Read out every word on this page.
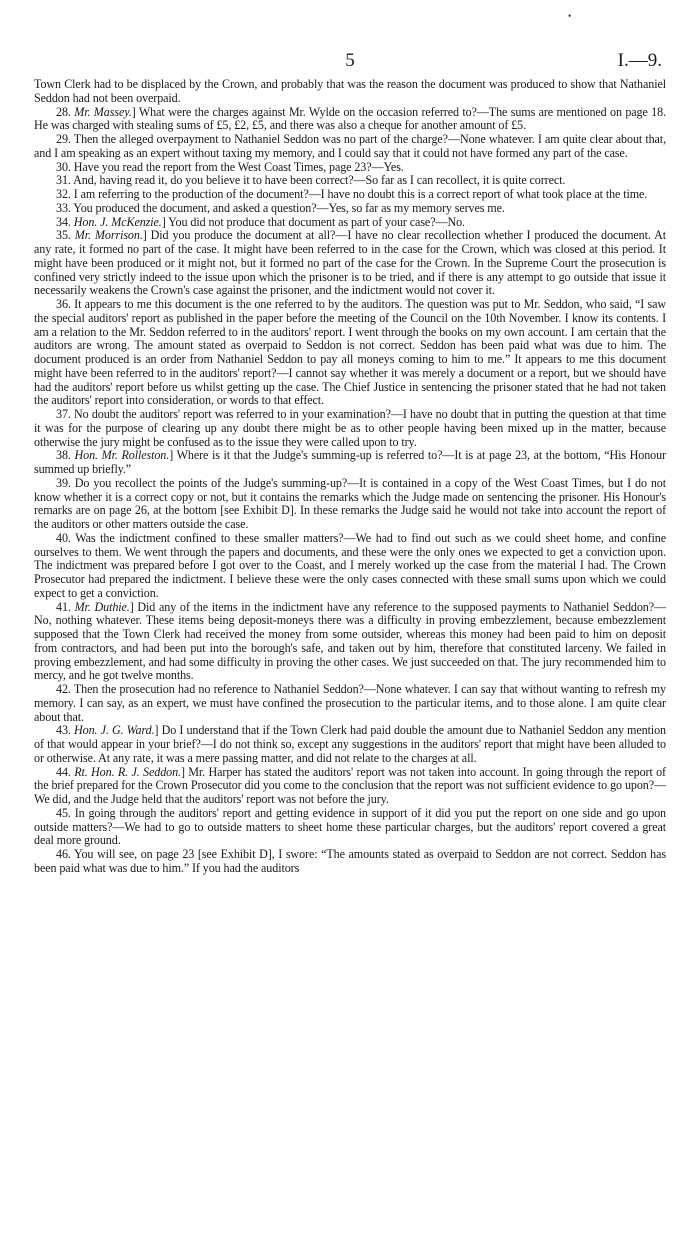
•
5	I.—9.

Town Clerk had to be displaced by the Crown, and probably that was the reason the document was produced to show that Nathaniel Seddon had not been overpaid.

28. Mr. Massey.] What were the charges against Mr. Wylde on the occasion referred to?—The sums are mentioned on page 18. He was charged with stealing sums of £5, £2, £5, and there was also a cheque for another amount of £5.

29. Then the alleged overpayment to Nathaniel Seddon was no part of the charge?—None whatever. I am quite clear about that, and I am speaking as an expert without taxing my memory, and I could say that it could not have formed any part of the case.

30. Have you read the report from the West Coast Times, page 23?—Yes.

31. And, having read it, do you believe it to have been correct?—So far as I can recollect, it is quite correct.

32. I am referring to the production of the document?—I have no doubt this is a correct report of what took place at the time.

33. You produced the document, and asked a question?—Yes, so far as my memory serves me.

34. Hon. J. McKenzie.] You did not produce that document as part of your case?—No.

35. Mr. Morrison.] Did you produce the document at all?—I have no clear recollection whether I produced the document. At any rate, it formed no part of the case. It might have been referred to in the case for the Crown, which was closed at this period. It might have been produced or it might not, but it formed no part of the case for the Crown. In the Supreme Court the prosecution is confined very strictly indeed to the issue upon which the prisoner is to be tried, and if there is any attempt to go outside that issue it necessarily weakens the Crown's case against the prisoner, and the indictment would not cover it.

36. It appears to me this document is the one referred to by the auditors. The question was put to Mr. Seddon, who said, “I saw the special auditors' report as published in the paper before the meeting of the Council on the 10th November. I know its contents. I am a relation to the Mr. Seddon referred to in the auditors' report. I went through the books on my own account. I am certain that the auditors are wrong. The amount stated as overpaid to Seddon is not correct. Seddon has been paid what was due to him. The document produced is an order from Nathaniel Seddon to pay all moneys coming to him to me.” It appears to me this document might have been referred to in the auditors' report?—I cannot say whether it was merely a document or a report, but we should have had the auditors' report before us whilst getting up the case. The Chief Justice in sentencing the prisoner stated that he had not taken the auditors' report into consideration, or words to that effect.

37. No doubt the auditors' report was referred to in your examination?—I have no doubt that in putting the question at that time it was for the purpose of clearing up any doubt there might be as to other people having been mixed up in the matter, because otherwise the jury might be confused as to the issue they were called upon to try.

38. Hon. Mr. Rolleston.] Where is it that the Judge's summing-up is referred to?—It is at page 23, at the bottom, “His Honour summed up briefly.”

39. Do you recollect the points of the Judge's summing-up?—It is contained in a copy of the West Coast Times, but I do not know whether it is a correct copy or not, but it contains the remarks which the Judge made on sentencing the prisoner. His Honour's remarks are on page 26, at the bottom [see Exhibit D]. In these remarks the Judge said he would not take into account the report of the auditors or other matters outside the case.

40. Was the indictment confined to these smaller matters?—We had to find out such as we could sheet home, and confine ourselves to them. We went through the papers and documents, and these were the only ones we expected to get a conviction upon. The indictment was prepared before I got over to the Coast, and I merely worked up the case from the material I had. The Crown Prosecutor had prepared the indictment. I believe these were the only cases connected with these small sums upon which we could expect to get a conviction.

41. Mr. Duthie.] Did any of the items in the indictment have any reference to the supposed payments to Nathaniel Seddon?—No, nothing whatever. These items being deposit-moneys there was a difficulty in proving embezzlement, because embezzlement supposed that the Town Clerk had received the money from some outsider, whereas this money had been paid to him on deposit from contractors, and had been put into the borough's safe, and taken out by him, therefore that constituted larceny. We failed in proving embezzlement, and had some difficulty in proving the other cases. We just succeeded on that. The jury recommended him to mercy, and he got twelve months.

42. Then the prosecution had no reference to Nathaniel Seddon?—None whatever. I can say that without wanting to refresh my memory. I can say, as an expert, we must have confined the prosecution to the particular items, and to those alone. I am quite clear about that.

43. Hon. J. G. Ward.] Do I understand that if the Town Clerk had paid double the amount due to Nathaniel Seddon any mention of that would appear in your brief?—I do not think so, except any suggestions in the auditors' report that might have been alluded to or otherwise. At any rate, it was a mere passing matter, and did not relate to the charges at all.

44. Rt. Hon. R. J. Seddon.] Mr. Harper has stated the auditors' report was not taken into account. In going through the report of the brief prepared for the Crown Prosecutor did you come to the conclusion that the report was not sufficient evidence to go upon?—We did, and the Judge held that the auditors' report was not before the jury.

45. In going through the auditors' report and getting evidence in support of it did you put the report on one side and go upon outside matters?—We had to go to outside matters to sheet home these particular charges, but the auditors' report covered a great deal more ground.

46. You will see, on page 23 [see Exhibit D], I swore: “The amounts stated as overpaid to Seddon are not correct. Seddon has been paid what was due to him.” If you had the auditors
